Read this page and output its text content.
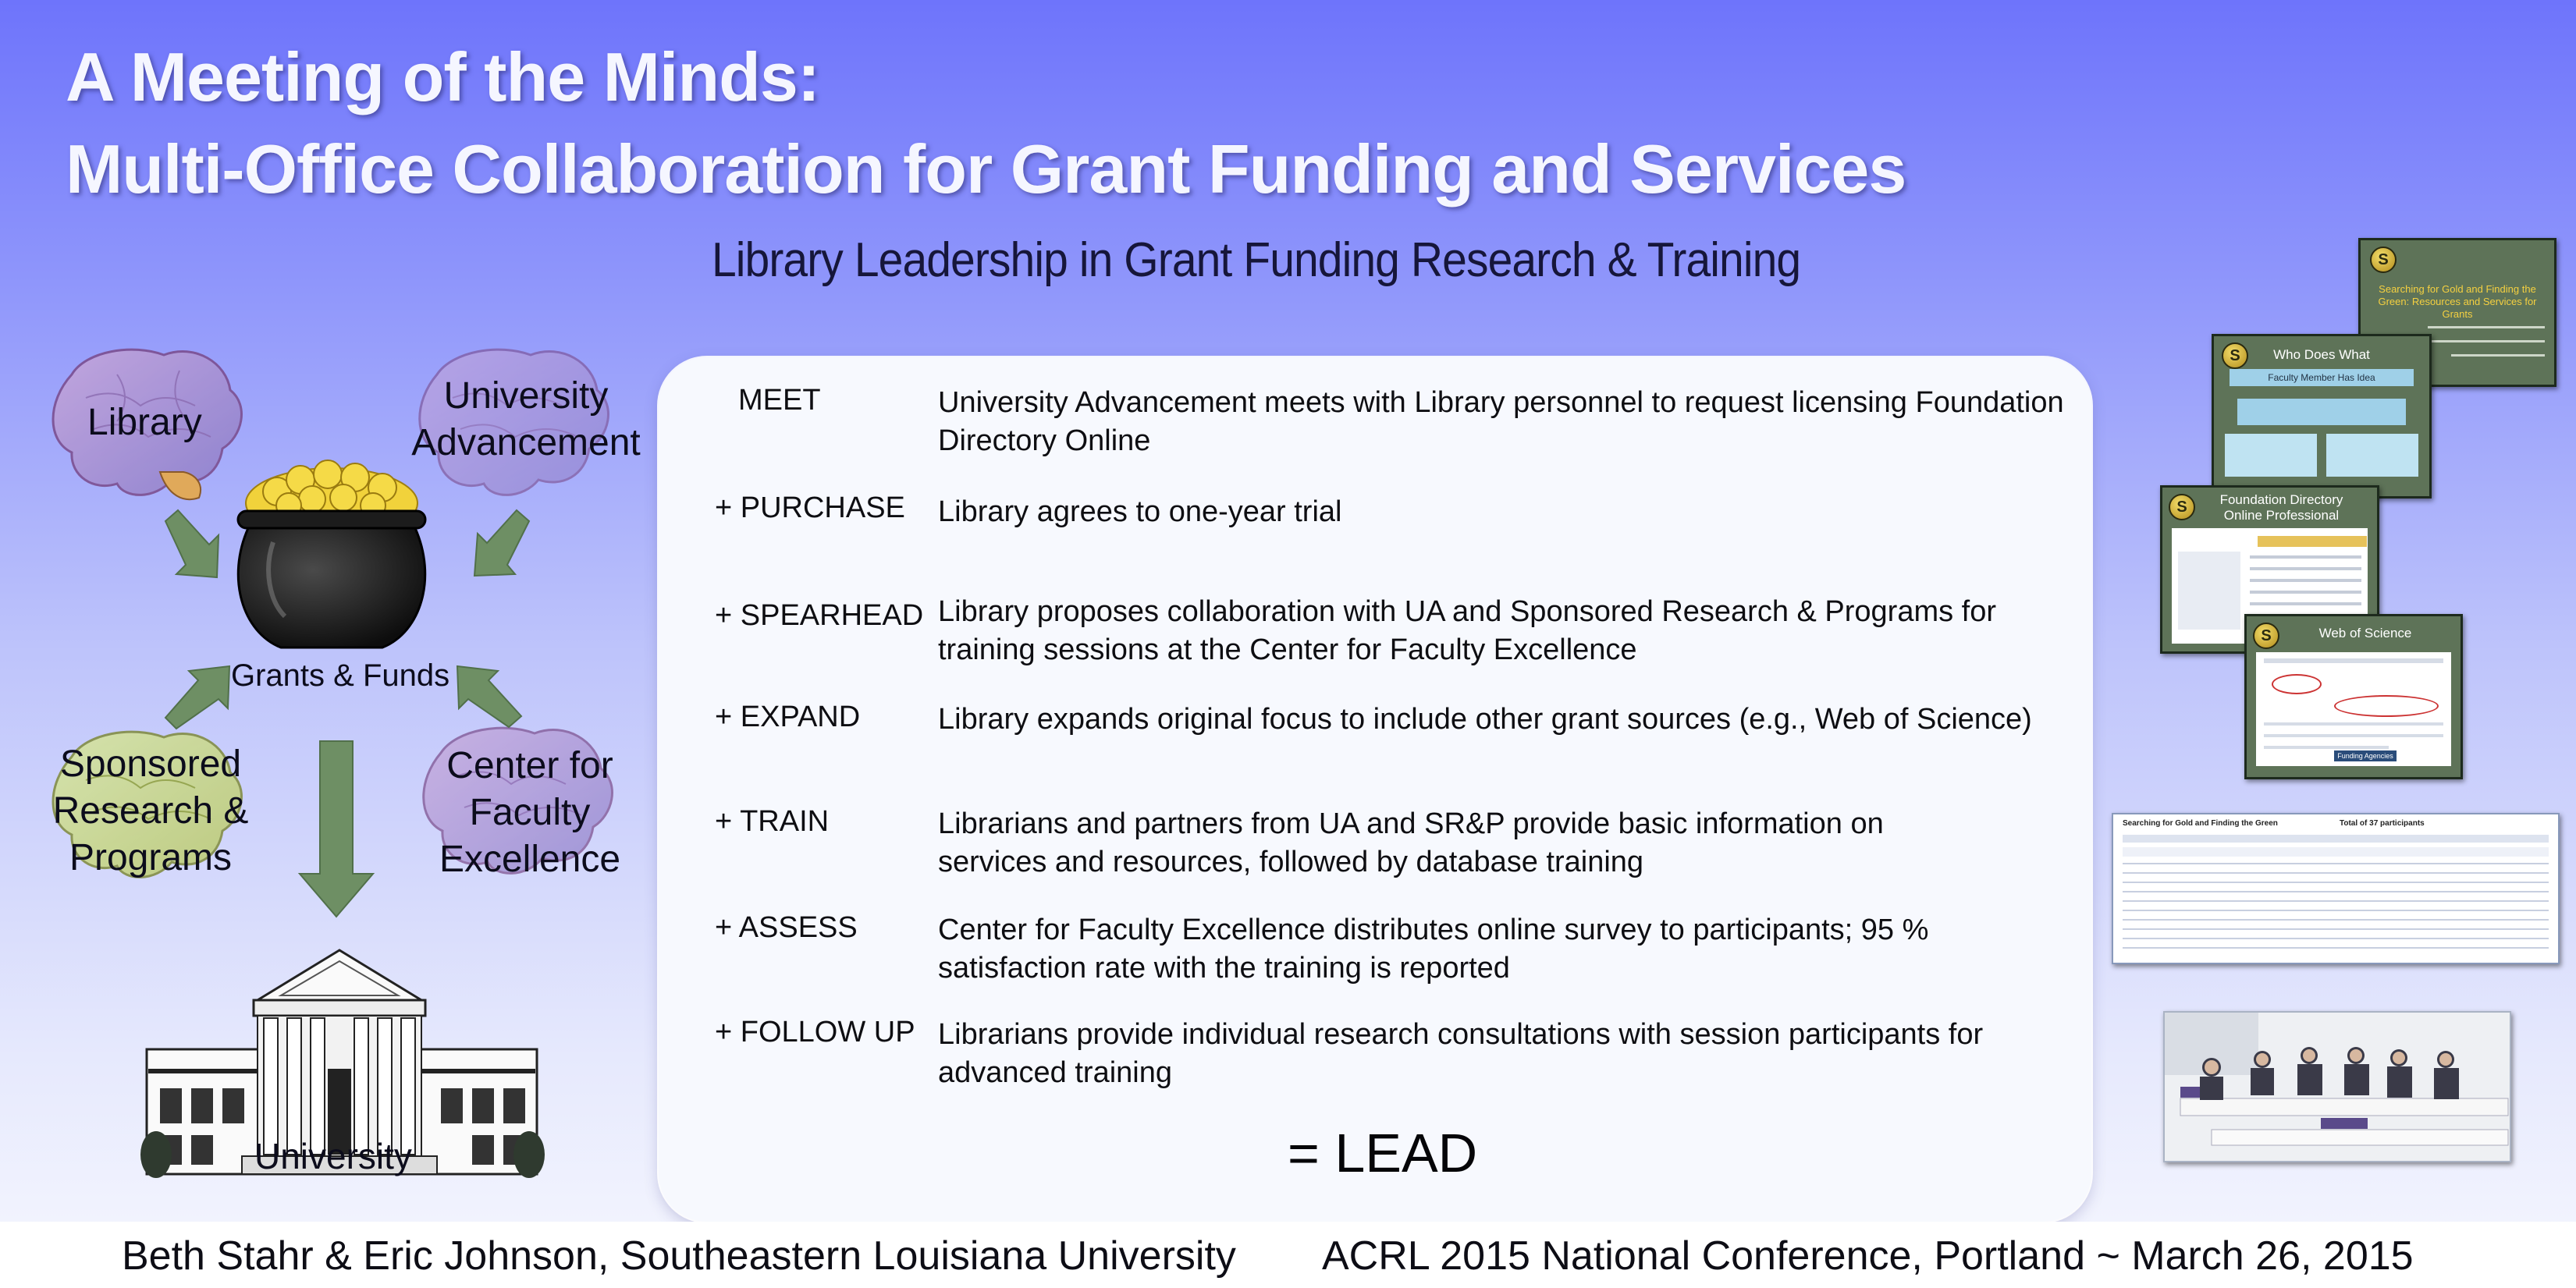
A Meeting of the Minds:
Multi-Office Collaboration for Grant Funding and Services
Library Leadership in Grant Funding Research & Training
Library
University
Advancement
Grants & Funds
Sponsored
Research &
Programs
Center for
Faculty
Excellence
University
MEET	University Advancement meets with Library personnel to request licensing Foundation Directory Online
+ PURCHASE Library agrees to one-year trial
+ SPEARHEAD Library proposes collaboration with UA and Sponsored Research & Programs for training sessions at the Center for Faculty Excellence
+ EXPAND	Library expands original focus to include other grant sources (e.g., Web of Science)
+ TRAIN	Librarians and partners from UA and SR&P provide basic information on services and resources, followed by database training
+ ASSESS	Center for Faculty Excellence distributes online survey to participants; 95 % satisfaction rate with the training is reported
+ FOLLOW UP Librarians provide individual research consultations with session participants for advanced training
= LEAD
S
Searching for Gold and Finding the Green: Resources and Services for Grants
S	Who Does What
Faculty Member Has Idea
S	Foundation Directory
Online Professional
S	Web of Science
Funding Agencies
Searching for Gold and Finding the Green	Total of 37 participants
Beth Stahr & Eric Johnson, Southeastern Louisiana University ACRL 2015 National Conference, Portland ~ March 26, 2015
